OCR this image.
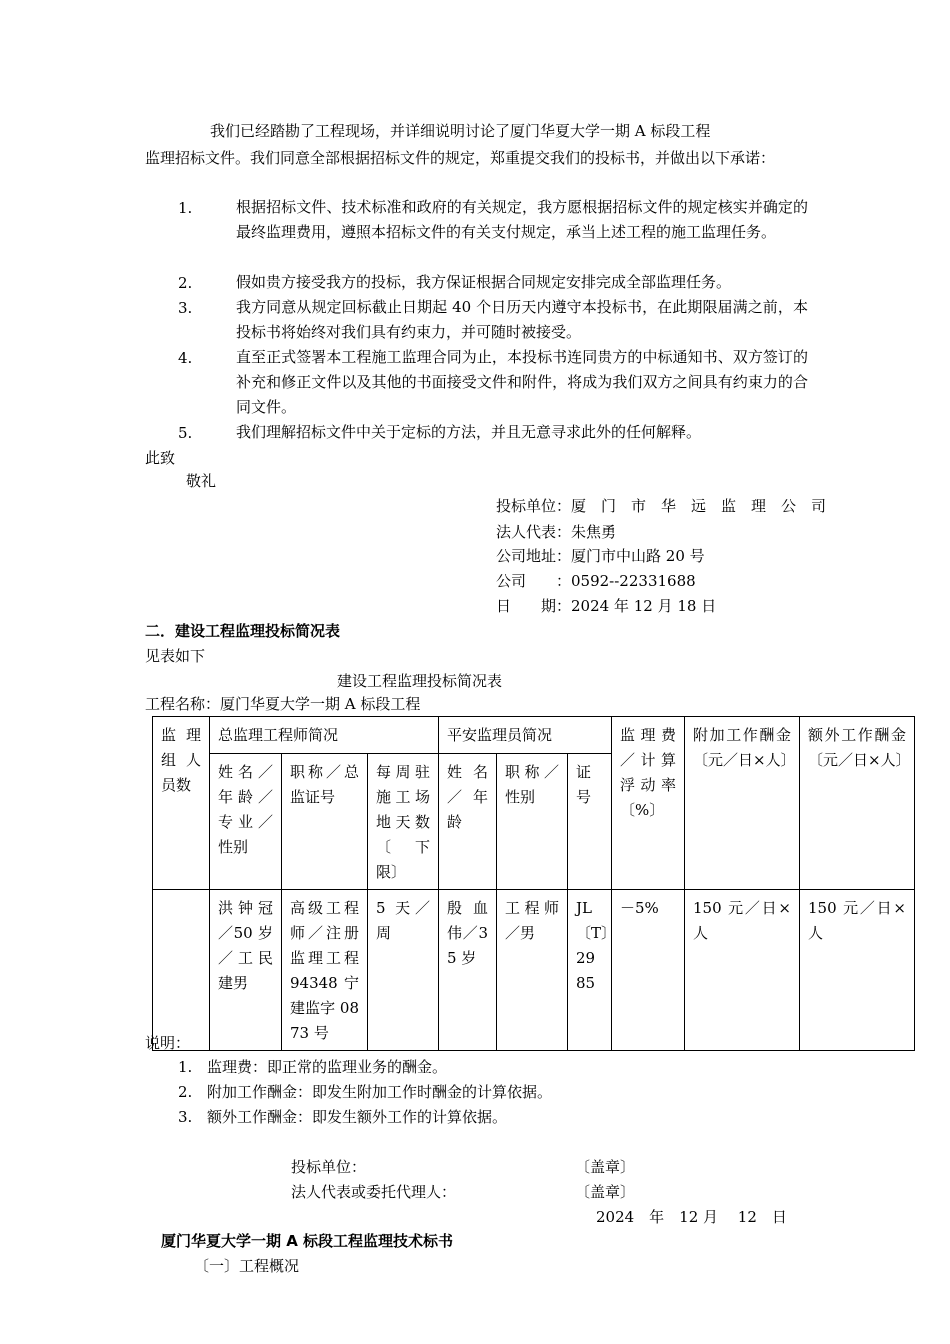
我们已经踏勘了工程现场，并详细说明讨论了厦门华夏大学一期 A 标段工程
监理招标文件。我们同意全部根据招标文件的规定，郑重提交我们的投标书，并做出以下承诺：
1.	根据招标文件、技术标准和政府的有关规定，我方愿根据招标文件的规定核实并确定的最终监理费用，遵照本招标文件的有关支付规定，承当上述工程的施工监理任务。
2.	假如贵方接受我方的投标，我方保证根据合同规定安排完成全部监理任务。
3.	我方同意从规定回标截止日期起 40 个日历天内遵守本投标书，在此期限届满之前，本投标书将始终对我们具有约束力，并可随时被接受。
4.	直至正式签署本工程施工监理合同为止，本投标书连同贵方的中标通知书、双方签订的补充和修正文件以及其他的书面接受文件和附件，将成为我们双方之间具有约束力的合同文件。
5.	我们理解招标文件中关于定标的方法，并且无意寻求此外的任何解释。
此致
敬礼
投标单位：厦　门　市　华　远　监　理　公　司
法人代表：朱焦勇
公司地址：厦门市中山路 20 号
公司　　：0592--22331688
日　　期：2024 年 12 月 18 日
二．建设工程监理投标简况表
见表如下
建设工程监理投标简况表
工程名称：厦门华夏大学一期 A 标段工程
监理组人员数	总监理工程师简况			平安监理员简况			监理费／计算浮动率〔%〕	附加工作酬金〔元／日×人〕	额外工作酬金〔元／日×人〕
	姓名／年龄／专业／性别	职称／总监证号	每周驻施工场地天数〔　下限〕	姓名／年龄	职称／性别	证号			
	洪钟冠／50 岁／工民建男	高级工程师／注册监理工程 94348 宁建监字 0873 号	5 天／周	殷血伟／35 岁	工程师／男	JL〔T〕2985	－5%	150 元／日×人	150 元／日×人
说明：
1. 监理费：即正常的监理业务的酬金。
2. 附加工作酬金：即发生附加工作时酬金的计算依据。
3. 额外工作酬金：即发生额外工作的计算依据。
投标单位：	〔盖章〕
法人代表或委托代理人：	〔盖章〕
2024　年　12 月　 12　日
厦门华夏大学一期 A 标段工程监理技术标书
〔一〕工程概况
